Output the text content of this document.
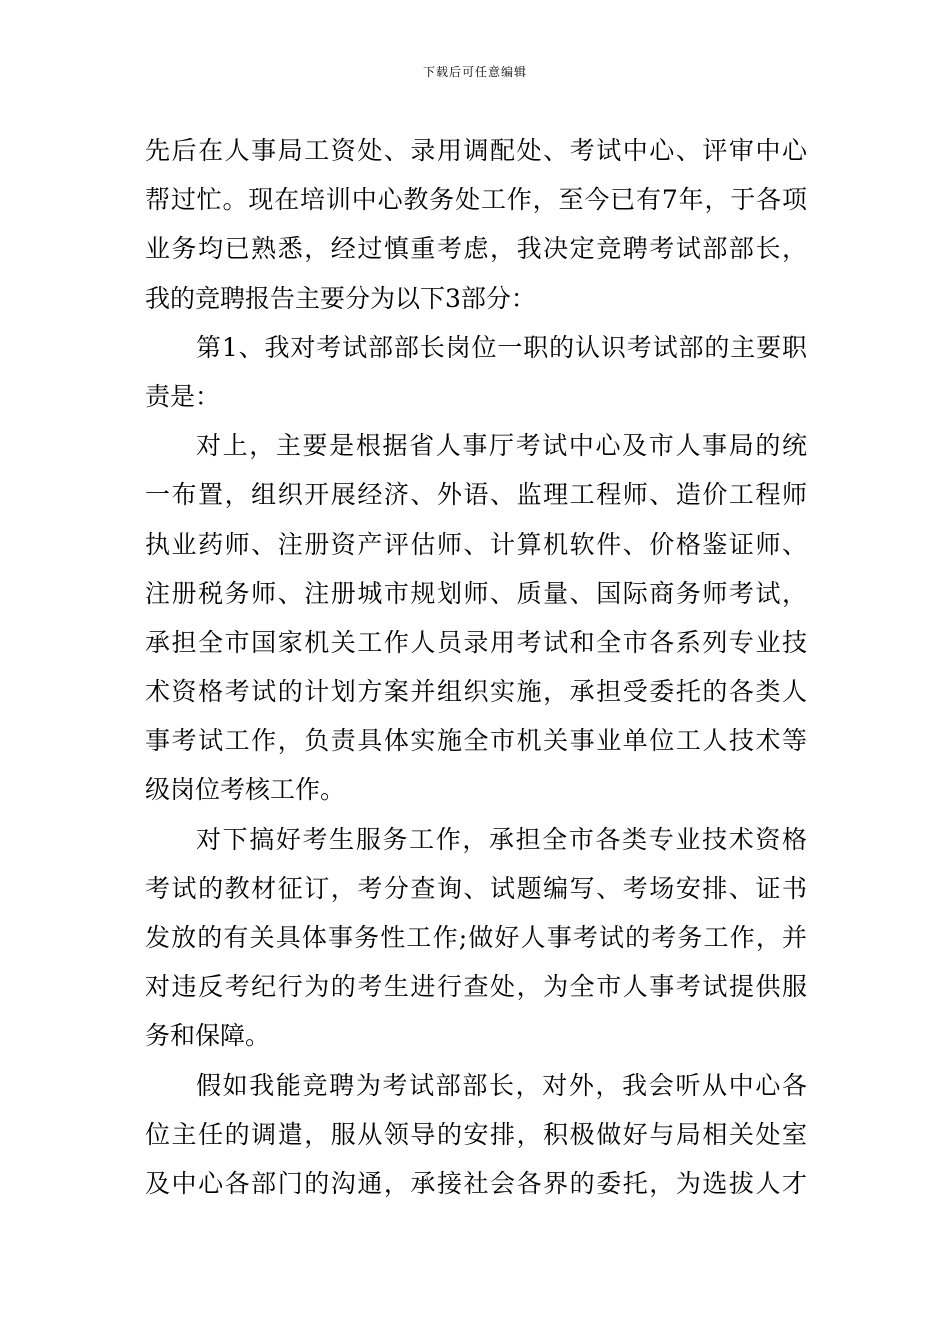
下载后可任意编辑
先后在人事局工资处、录用调配处、考试中心、评审中心
帮过忙。现在培训中心教务处工作，至今已有7年，于各项
业务均已熟悉，经过慎重考虑，我决定竞聘考试部部长，
我的竞聘报告主要分为以下3部分：
第1、我对考试部部长岗位一职的认识考试部的主要职
责是：
对上，主要是根据省人事厅考试中心及市人事局的统
一布置，组织开展经济、外语、监理工程师、造价工程师
执业药师、注册资产评估师、计算机软件、价格鉴证师、
注册税务师、注册城市规划师、质量、国际商务师考试，
承担全市国家机关工作人员录用考试和全市各系列专业技
术资格考试的计划方案并组织实施，承担受委托的各类人
事考试工作，负责具体实施全市机关事业单位工人技术等
级岗位考核工作。
对下搞好考生服务工作，承担全市各类专业技术资格
考试的教材征订，考分查询、试题编写、考场安排、证书
发放的有关具体事务性工作;做好人事考试的考务工作，并
对违反考纪行为的考生进行查处，为全市人事考试提供服
务和保障。
假如我能竞聘为考试部部长，对外，我会听从中心各
位主任的调遣，服从领导的安排，积极做好与局相关处室
及中心各部门的沟通，承接社会各界的委托，为选拔人才
